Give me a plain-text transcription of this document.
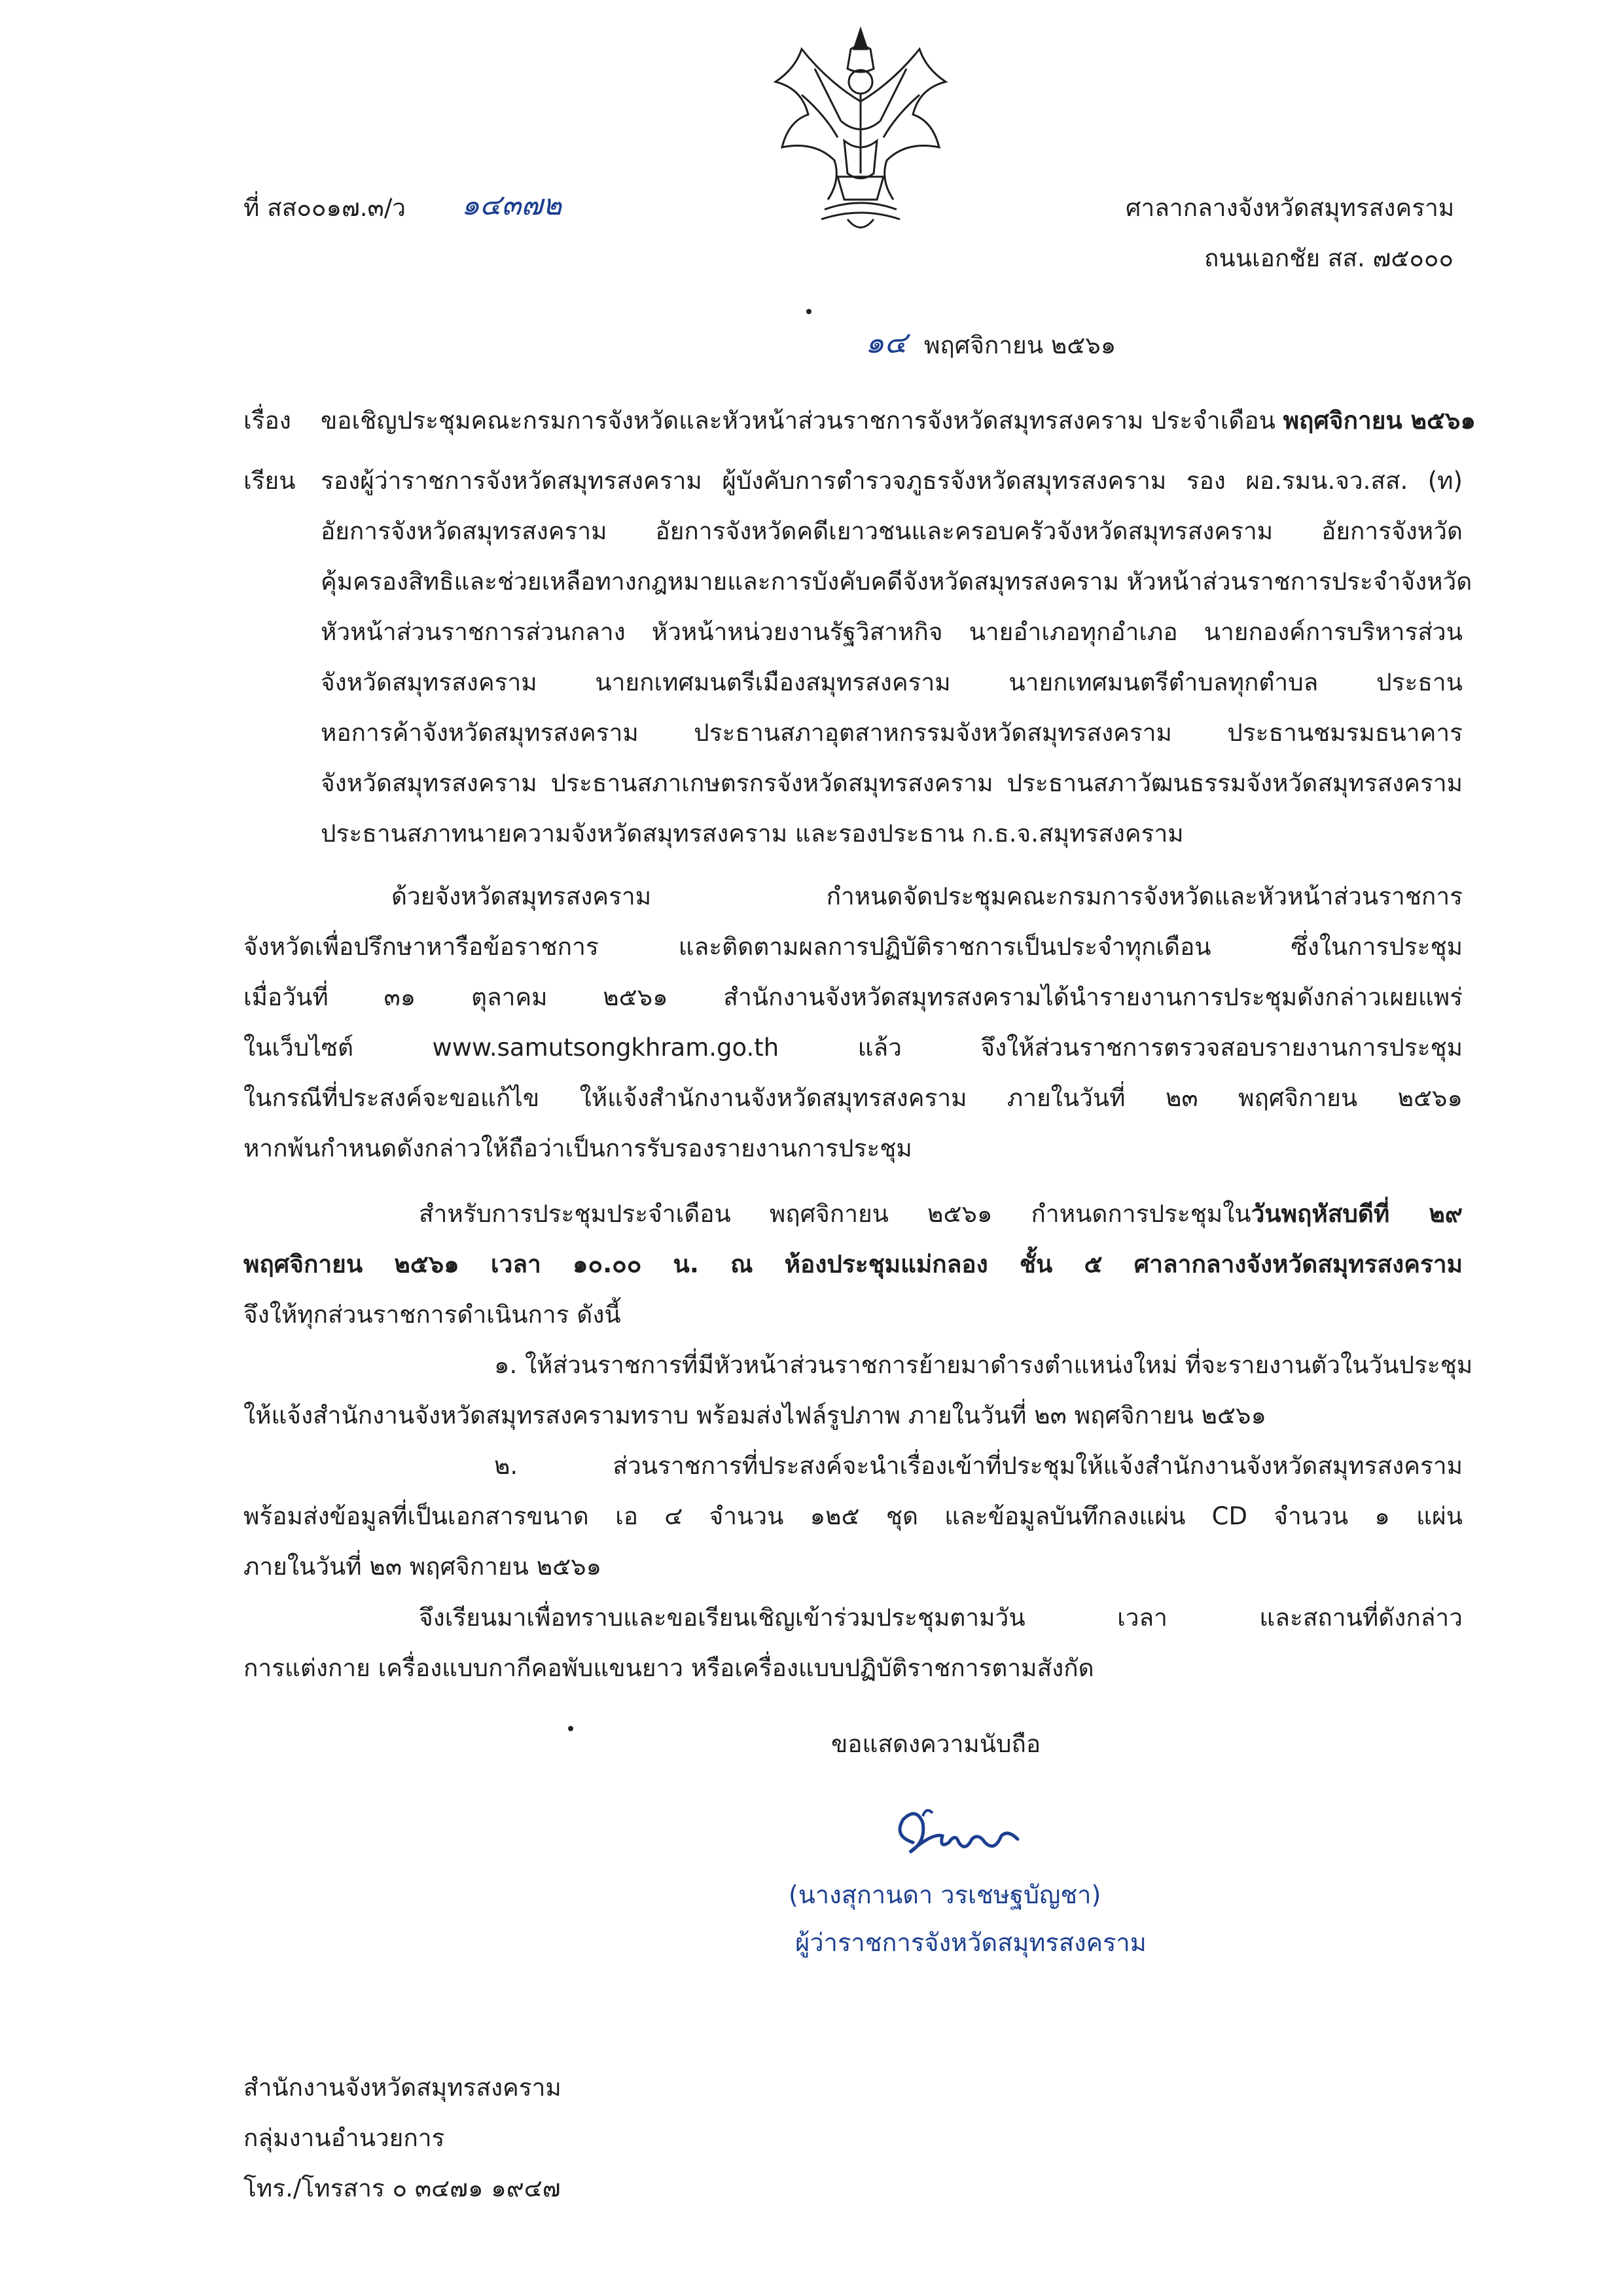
ที่ สส๐๐๑๗.๓/ว ๑๔๓๗๒	ศาลากลางจังหวัดสมุทรสงคราม
ถนนเอกชัย สส. ๗๕๐๐๐
๑๔ พฤศจิกายน ๒๕๖๑
เรื่อง ขอเชิญประชุมคณะกรมการจังหวัดและหัวหน้าส่วนราชการจังหวัดสมุทรสงคราม ประจำเดือน พฤศจิกายน ๒๕๖๑
เรียน รองผู้ว่าราชการจังหวัดสมุทรสงคราม ผู้บังคับการตำรวจภูธรจังหวัดสมุทรสงคราม รอง ผอ.รมน.จว.สส. (ท)
อัยการจังหวัดสมุทรสงคราม อัยการจังหวัดคดีเยาวชนและครอบครัวจังหวัดสมุทรสงคราม อัยการจังหวัด
คุ้มครองสิทธิและช่วยเหลือทางกฎหมายและการบังคับคดีจังหวัดสมุทรสงคราม หัวหน้าส่วนราชการประจำจังหวัด
หัวหน้าส่วนราชการส่วนกลาง หัวหน้าหน่วยงานรัฐวิสาหกิจ นายอำเภอทุกอำเภอ นายกองค์การบริหารส่วน
จังหวัดสมุทรสงคราม นายกเทศมนตรีเมืองสมุทรสงคราม นายกเทศมนตรีตำบลทุกตำบล ประธาน
หอการค้าจังหวัดสมุทรสงคราม ประธานสภาอุตสาหกรรมจังหวัดสมุทรสงคราม ประธานชมรมธนาคาร
จังหวัดสมุทรสงคราม ประธานสภาเกษตรกรจังหวัดสมุทรสงคราม ประธานสภาวัฒนธรรมจังหวัดสมุทรสงคราม
ประธานสภาทนายความจังหวัดสมุทรสงคราม และรองประธาน ก.ธ.จ.สมุทรสงคราม
ด้วยจังหวัดสมุทรสงคราม กำหนดจัดประชุมคณะกรมการจังหวัดและหัวหน้าส่วนราชการ
จังหวัดเพื่อปรึกษาหารือข้อราชการ และติดตามผลการปฏิบัติราชการเป็นประจำทุกเดือน ซึ่งในการประชุม
เมื่อวันที่ ๓๑ ตุลาคม ๒๕๖๑ สำนักงานจังหวัดสมุทรสงครามได้นำรายงานการประชุมดังกล่าวเผยแพร่
ในเว็บไซต์ www.samutsongkhram.go.th แล้ว จึงให้ส่วนราชการตรวจสอบรายงานการประชุม
ในกรณีที่ประสงค์จะขอแก้ไข ให้แจ้งสำนักงานจังหวัดสมุทรสงคราม ภายในวันที่ ๒๓ พฤศจิกายน ๒๕๖๑
หากพ้นกำหนดดังกล่าวให้ถือว่าเป็นการรับรองรายงานการประชุม
สำหรับการประชุมประจำเดือน พฤศจิกายน ๒๕๖๑ กำหนดการประชุมในวันพฤหัสบดีที่ ๒๙
พฤศจิกายน ๒๕๖๑ เวลา ๑๐.๐๐ น. ณ ห้องประชุมแม่กลอง ชั้น ๕ ศาลากลางจังหวัดสมุทรสงคราม
จึงให้ทุกส่วนราชการดำเนินการ ดังนี้
๑. ให้ส่วนราชการที่มีหัวหน้าส่วนราชการย้ายมาดำรงตำแหน่งใหม่ ที่จะรายงานตัวในวันประชุม
ให้แจ้งสำนักงานจังหวัดสมุทรสงครามทราบ พร้อมส่งไฟล์รูปภาพ ภายในวันที่ ๒๓ พฤศจิกายน ๒๕๖๑
๒. ส่วนราชการที่ประสงค์จะนำเรื่องเข้าที่ประชุมให้แจ้งสำนักงานจังหวัดสมุทรสงคราม
พร้อมส่งข้อมูลที่เป็นเอกสารขนาด เอ ๔ จำนวน ๑๒๕ ชุด และข้อมูลบันทึกลงแผ่น CD จำนวน ๑ แผ่น
ภายในวันที่ ๒๓ พฤศจิกายน ๒๕๖๑
จึงเรียนมาเพื่อทราบและขอเรียนเชิญเข้าร่วมประชุมตามวัน เวลา และสถานที่ดังกล่าว
การแต่งกาย เครื่องแบบกากีคอพับแขนยาว หรือเครื่องแบบปฏิบัติราชการตามสังกัด
ขอแสดงความนับถือ
(นางสุกานดา วรเชษฐบัญชา)
ผู้ว่าราชการจังหวัดสมุทรสงคราม
สำนักงานจังหวัดสมุทรสงคราม
กลุ่มงานอำนวยการ
โทร./โทรสาร ๐ ๓๔๗๑ ๑๙๔๗
